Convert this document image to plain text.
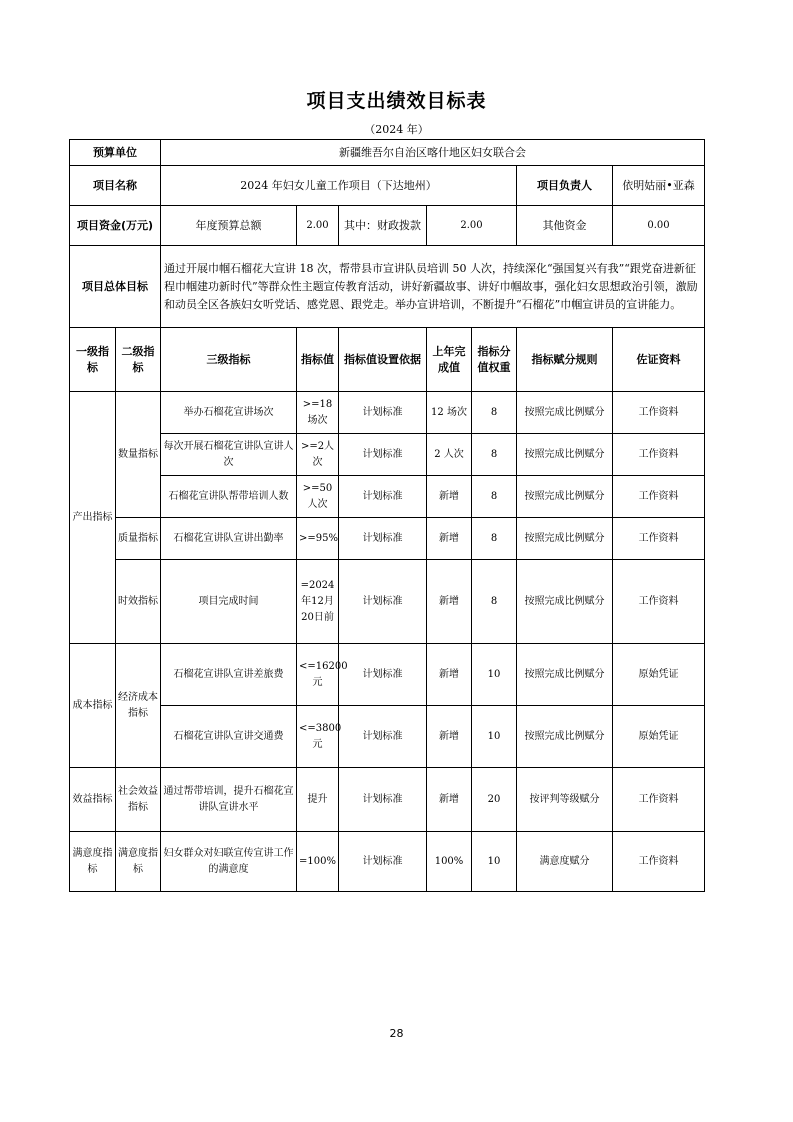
项目支出绩效目标表
（2024 年）
预算单位		新疆维吾尔自治区喀什地区妇女联合会						
项目名称		2024 年妇女儿童工作项目（下达地州）					项目负责人	依明姑丽•亚森
项目资金(万元)		年度预算总额	2.00	其中：财政拨款	2.00		其他资金	0.00
项目总体目标		通过开展巾帼石榴花大宣讲 18 次，帮带县市宣讲队员培训 50 人次，持续深化“强国复兴有我”“跟党奋进新征程巾帼建功新时代”等群众性主题宣传教育活动，讲好新疆故事、讲好巾帼故事，强化妇女思想政治引领，激励和动员全区各族妇女听党话、感党恩、跟党走。举办宣讲培训，不断提升“石榴花”巾帼宣讲员的宣讲能力。						
一级指标	二级指标	三级指标	指标值	指标值设置依据	上年完成值	指标分值权重	指标赋分规则	佐证资料
产出指标	数量指标	举办石榴花宣讲场次	>=18场次	计划标准	12 场次	8	按照完成比例赋分	工作资料
		每次开展石榴花宣讲队宣讲人次	>=2人次	计划标准	2 人次	8	按照完成比例赋分	工作资料
		石榴花宣讲队帮带培训人数	>=50人次	计划标准	新增	8	按照完成比例赋分	工作资料
	质量指标	石榴花宣讲队宣讲出勤率	>=95%	计划标准	新增	8	按照完成比例赋分	工作资料
	时效指标	项目完成时间	=2024年12月20日前	计划标准	新增	8	按照完成比例赋分	工作资料
成本指标	经济成本指标	石榴花宣讲队宣讲差旅费	<=16200元	计划标准	新增	10	按照完成比例赋分	原始凭证
		石榴花宣讲队宣讲交通费	<=3800元	计划标准	新增	10	按照完成比例赋分	原始凭证
效益指标	社会效益指标	通过帮带培训，提升石榴花宣讲队宣讲水平	提升	计划标准	新增	20	按评判等级赋分	工作资料
满意度指标	满意度指标	妇女群众对妇联宣传宣讲工作的满意度	=100%	计划标准	100%	10	满意度赋分	工作资料
28
